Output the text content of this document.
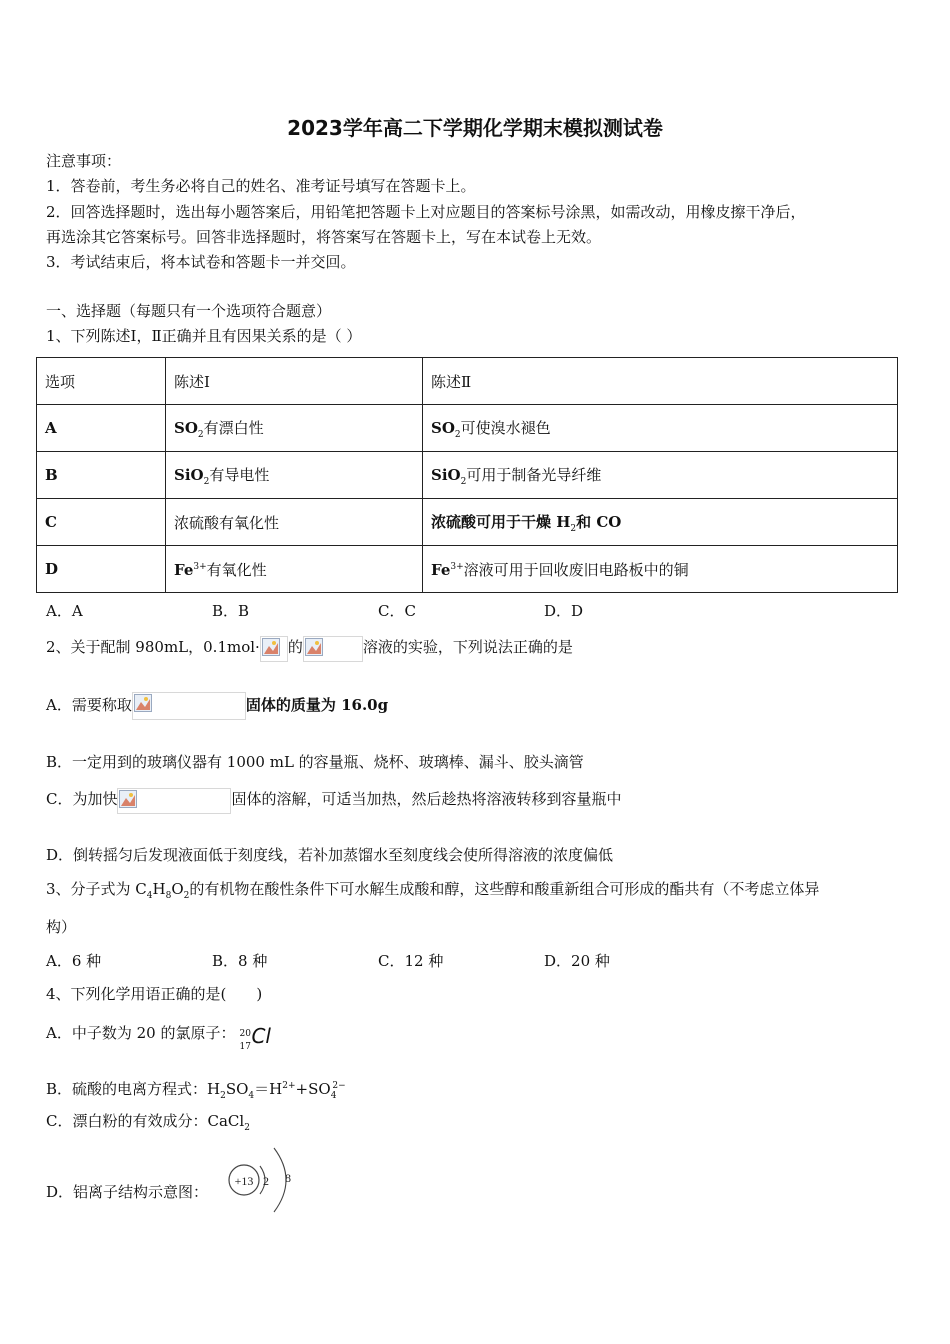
2023学年高二下学期化学期末模拟测试卷
注意事项：
1．答卷前，考生务必将自己的姓名、准考证号填写在答题卡上。
2．回答选择题时，选出每小题答案后，用铅笔把答题卡上对应题目的答案标号涂黑，如需改动，用橡皮擦干净后，
再选涂其它答案标号。回答非选择题时，将答案写在答题卡上，写在本试卷上无效。
3．考试结束后，将本试卷和答题卡一并交回。
一、选择题（每题只有一个选项符合题意）
1、下列陈述Ⅰ，Ⅱ正确并且有因果关系的是（ ）
选项	陈述Ⅰ	陈述Ⅱ
A	$SO_2$有漂白性	$SO_2$可使溴水褪色
B	SiO$_2$有导电性	SiO$_2$可用于制备光导纤维
C	浓硫酸有氧化性	浓硫酸可用于干燥 $H_2$和 CO
D	$Fe^{3+}$有氧化性	$Fe^{3+}$溶液可用于回收废旧电路板中的铜
A．A	B．B	C．C	D．D
2、关于配制 980mL，0.1mol· 的	溶液的实验，下列说法正确的是
A．需要称取	固体的质量为 16.0g
B．一定用到的玻璃仪器有 1000 mL 的容量瓶、烧杯、玻璃棒、漏斗、胶头滴管
C．为加快	固体的溶解，可适当加热，然后趁热将溶液转移到容量瓶中
D．倒转摇匀后发现液面低于刻度线，若补加蒸馏水至刻度线会使所得溶液的浓度偏低
3、分子式为 $C_4H_8O_2$的有机物在酸性条件下可水解生成酸和醇，这些醇和酸重新组合可形成的酯共有（不考虑立体异
构）
A．6 种	B．8 种	C．12 种	D．20 种
4、下列化学用语正确的是(　　)
A．中子数为 20 的氯原子： 20
17 Cl
B．硫酸的电离方程式：$H_2SO_4=H^{2+}+SO_4^{2-}$
C．漂白粉的有效成分：CaCl$_2$
D．铝离子结构示意图：
+13 2 8
